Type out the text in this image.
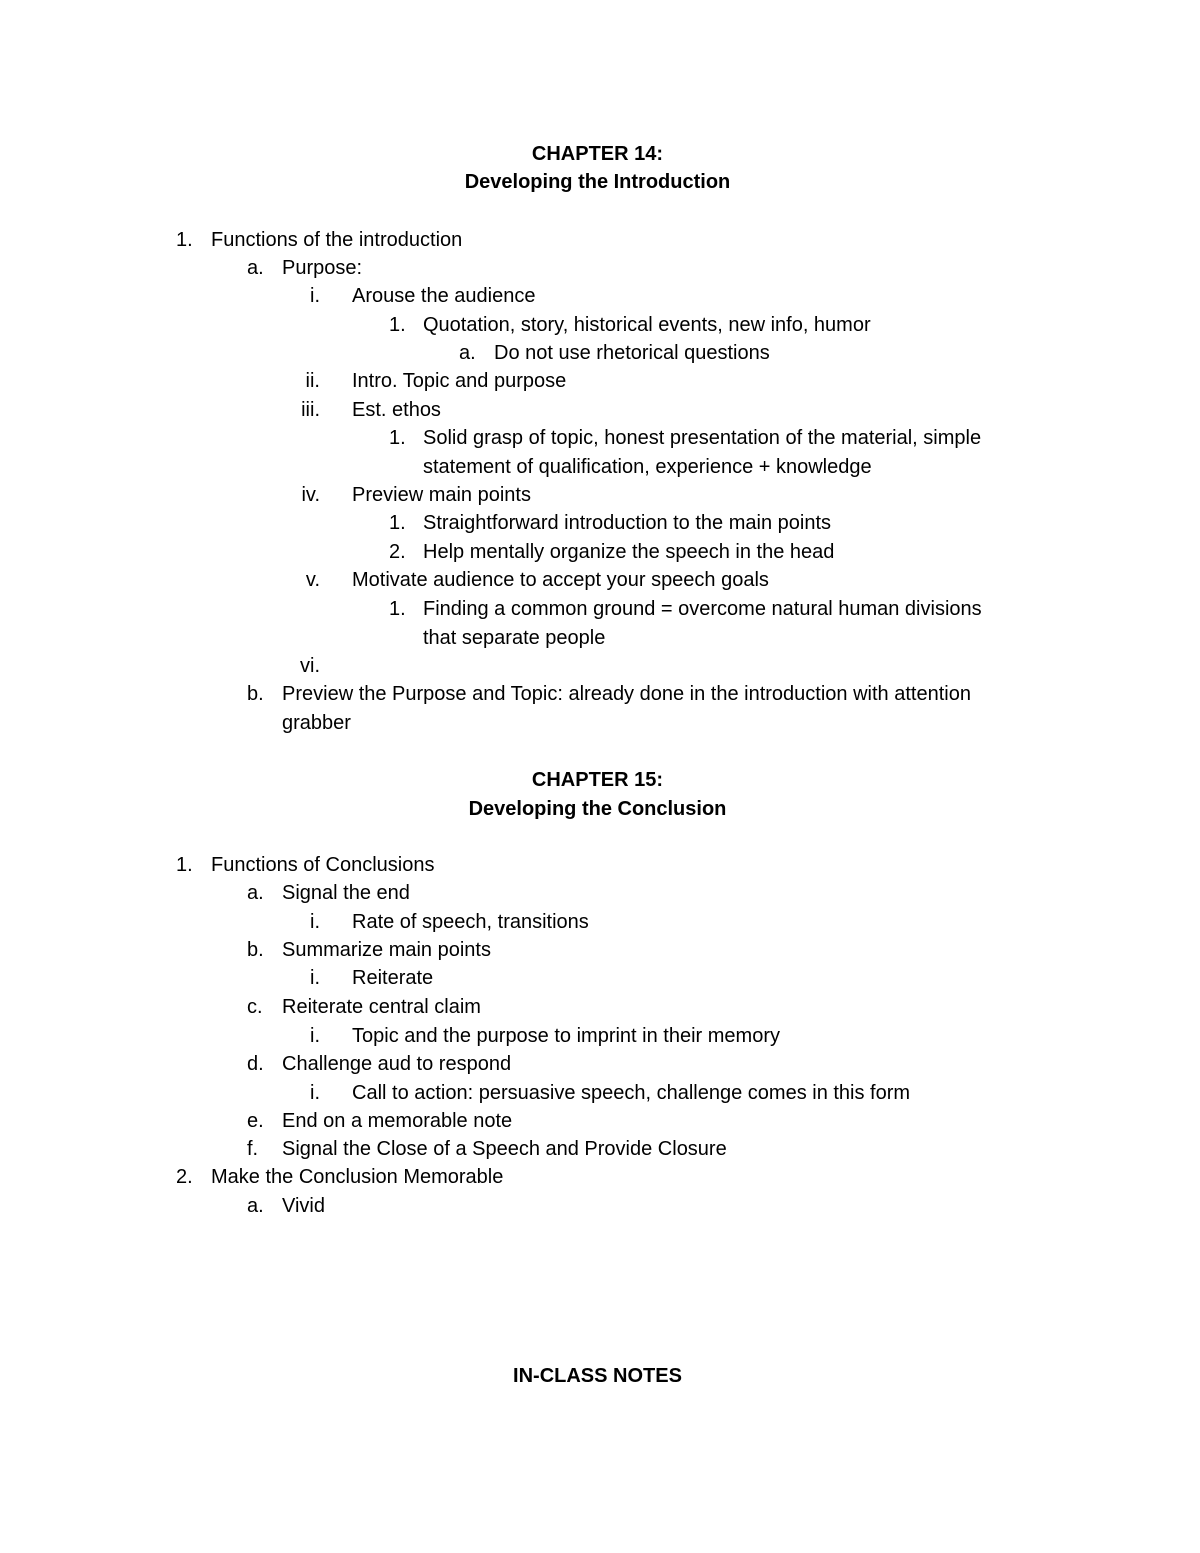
CHAPTER 14:
Developing the Introduction
1. Functions of the introduction
a. Purpose:
i. Arouse the audience
1. Quotation, story, historical events, new info, humor
a. Do not use rhetorical questions
ii. Intro. Topic and purpose
iii. Est. ethos
1. Solid grasp of topic, honest presentation of the material, simple
statement of qualification, experience + knowledge
iv. Preview main points
1. Straightforward introduction to the main points
2. Help mentally organize the speech in the head
v. Motivate audience to accept your speech goals
1. Finding a common ground = overcome natural human divisions
that separate people
vi.
b. Preview the Purpose and Topic: already done in the introduction with attention
grabber
CHAPTER 15:
Developing the Conclusion
1. Functions of Conclusions
a. Signal the end
i. Rate of speech, transitions
b. Summarize main points
i. Reiterate
c. Reiterate central claim
i. Topic and the purpose to imprint in their memory
d. Challenge aud to respond
i. Call to action: persuasive speech, challenge comes in this form
e. End on a memorable note
f. Signal the Close of a Speech and Provide Closure
2. Make the Conclusion Memorable
a. Vivid
IN-CLASS NOTES
